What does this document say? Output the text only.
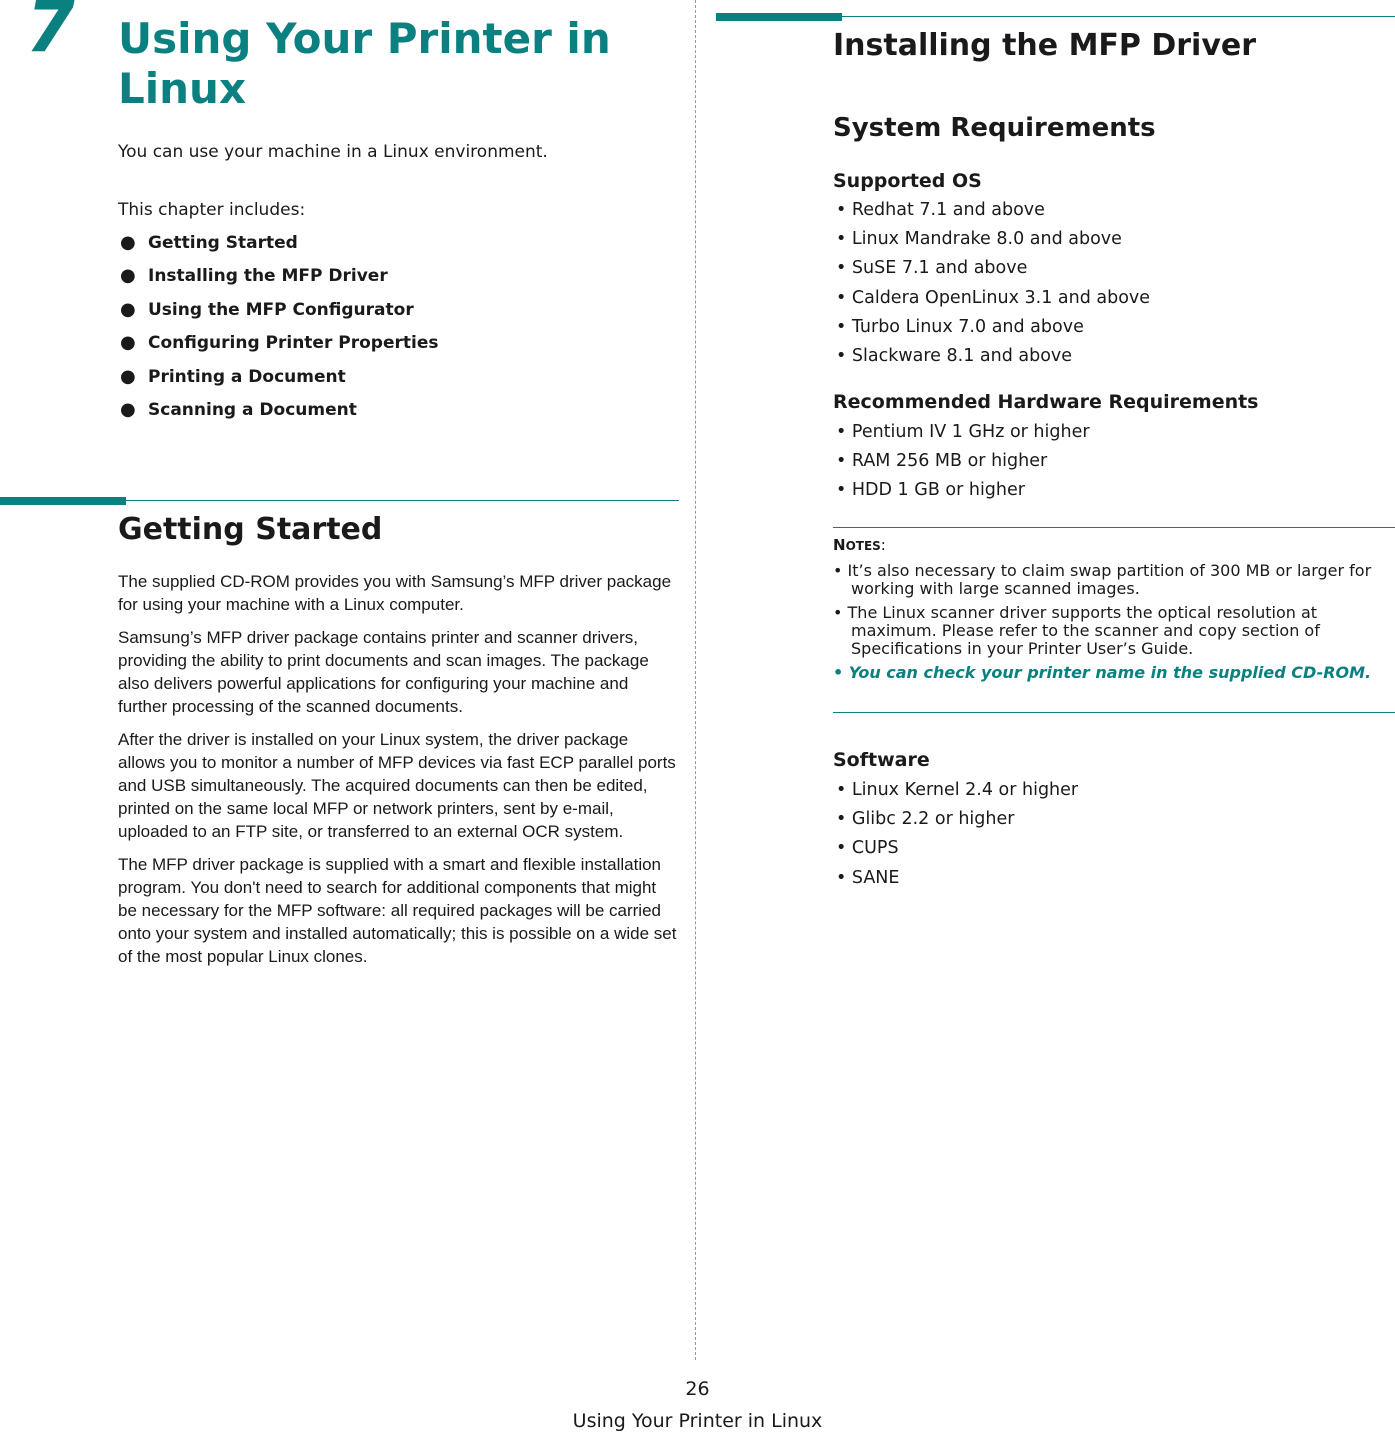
7 Using Your Printer in Linux
You can use your machine in a Linux environment.
This chapter includes:
● Getting Started
● Installing the MFP Driver
● Using the MFP Configurator
● Configuring Printer Properties
● Printing a Document
● Scanning a Document
Getting Started

The supplied CD-ROM provides you with Samsung’s MFP driver package for using your machine with a Linux computer.

Samsung’s MFP driver package contains printer and scanner drivers, providing the ability to print documents and scan images. The package also delivers powerful applications for configuring your machine and further processing of the scanned documents.

After the driver is installed on your Linux system, the driver package allows you to monitor a number of MFP devices via fast ECP parallel ports and USB simultaneously. The acquired documents can then be edited, printed on the same local MFP or network printers, sent by e-mail, uploaded to an FTP site, or transferred to an external OCR system.

The MFP driver package is supplied with a smart and flexible installation program. You don't need to search for additional components that might be necessary for the MFP software: all required packages will be carried onto your system and installed automatically; this is possible on a wide set of the most popular Linux clones.

Installing the MFP Driver
System Requirements
Supported OS
• Redhat 7.1 and above
• Linux Mandrake 8.0 and above
• SuSE 7.1 and above
• Caldera OpenLinux 3.1 and above
• Turbo Linux 7.0 and above
• Slackware 8.1 and above
Recommended Hardware Requirements
• Pentium IV 1 GHz or higher
• RAM 256 MB or higher
• HDD 1 GB or higher
NOTES:
• It’s also necessary to claim swap partition of 300 MB or larger for working with large scanned images.
• The Linux scanner driver supports the optical resolution at maximum. Please refer to the scanner and copy section of Specifications in your Printer User’s Guide.
• You can check your printer name in the supplied CD-ROM.
Software
• Linux Kernel 2.4 or higher
• Glibc 2.2 or higher
• CUPS
• SANE
26
Using Your Printer in Linux
